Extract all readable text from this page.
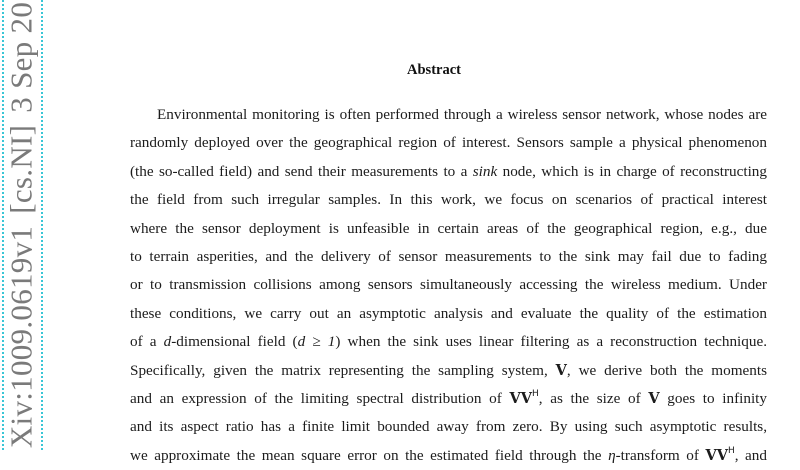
Xiv:1009.0619v1[cs.NI]3 Sep 20	Abstract
Environmental monitoring is often performed through a wireless sensor network, whose nodes are
randomly deployed over the geographical region of interest. Sensors sample a physical phenomenon
(the so-called field) and send their measurements to a sink node, which is in charge of reconstructing
the field from such irregular samples. In this work, we focus on scenarios of practical interest
where the sensor deployment is unfeasible in certain areas of the geographical region, e.g., due
to terrain asperities, and the delivery of sensor measurements to the sink may fail due to fading
or to transmission collisions among sensors simultaneously accessing the wireless medium. Under
these conditions, we carry out an asymptotic analysis and evaluate the quality of the estimation
of a d-dimensional field (d ≥ 1) when the sink uses linear filtering as a reconstruction technique.
Specifically, given the matrix representing the sampling system, V, we derive both the moments
and an expression of the limiting spectral distribution of $VV^H$, as the size of V goes to infinity
and its aspect ratio has a finite limit bounded away from zero. By using such asymptotic results,
we approximate the mean square error on the estimated field through the η-transform of $VV^H$, and
